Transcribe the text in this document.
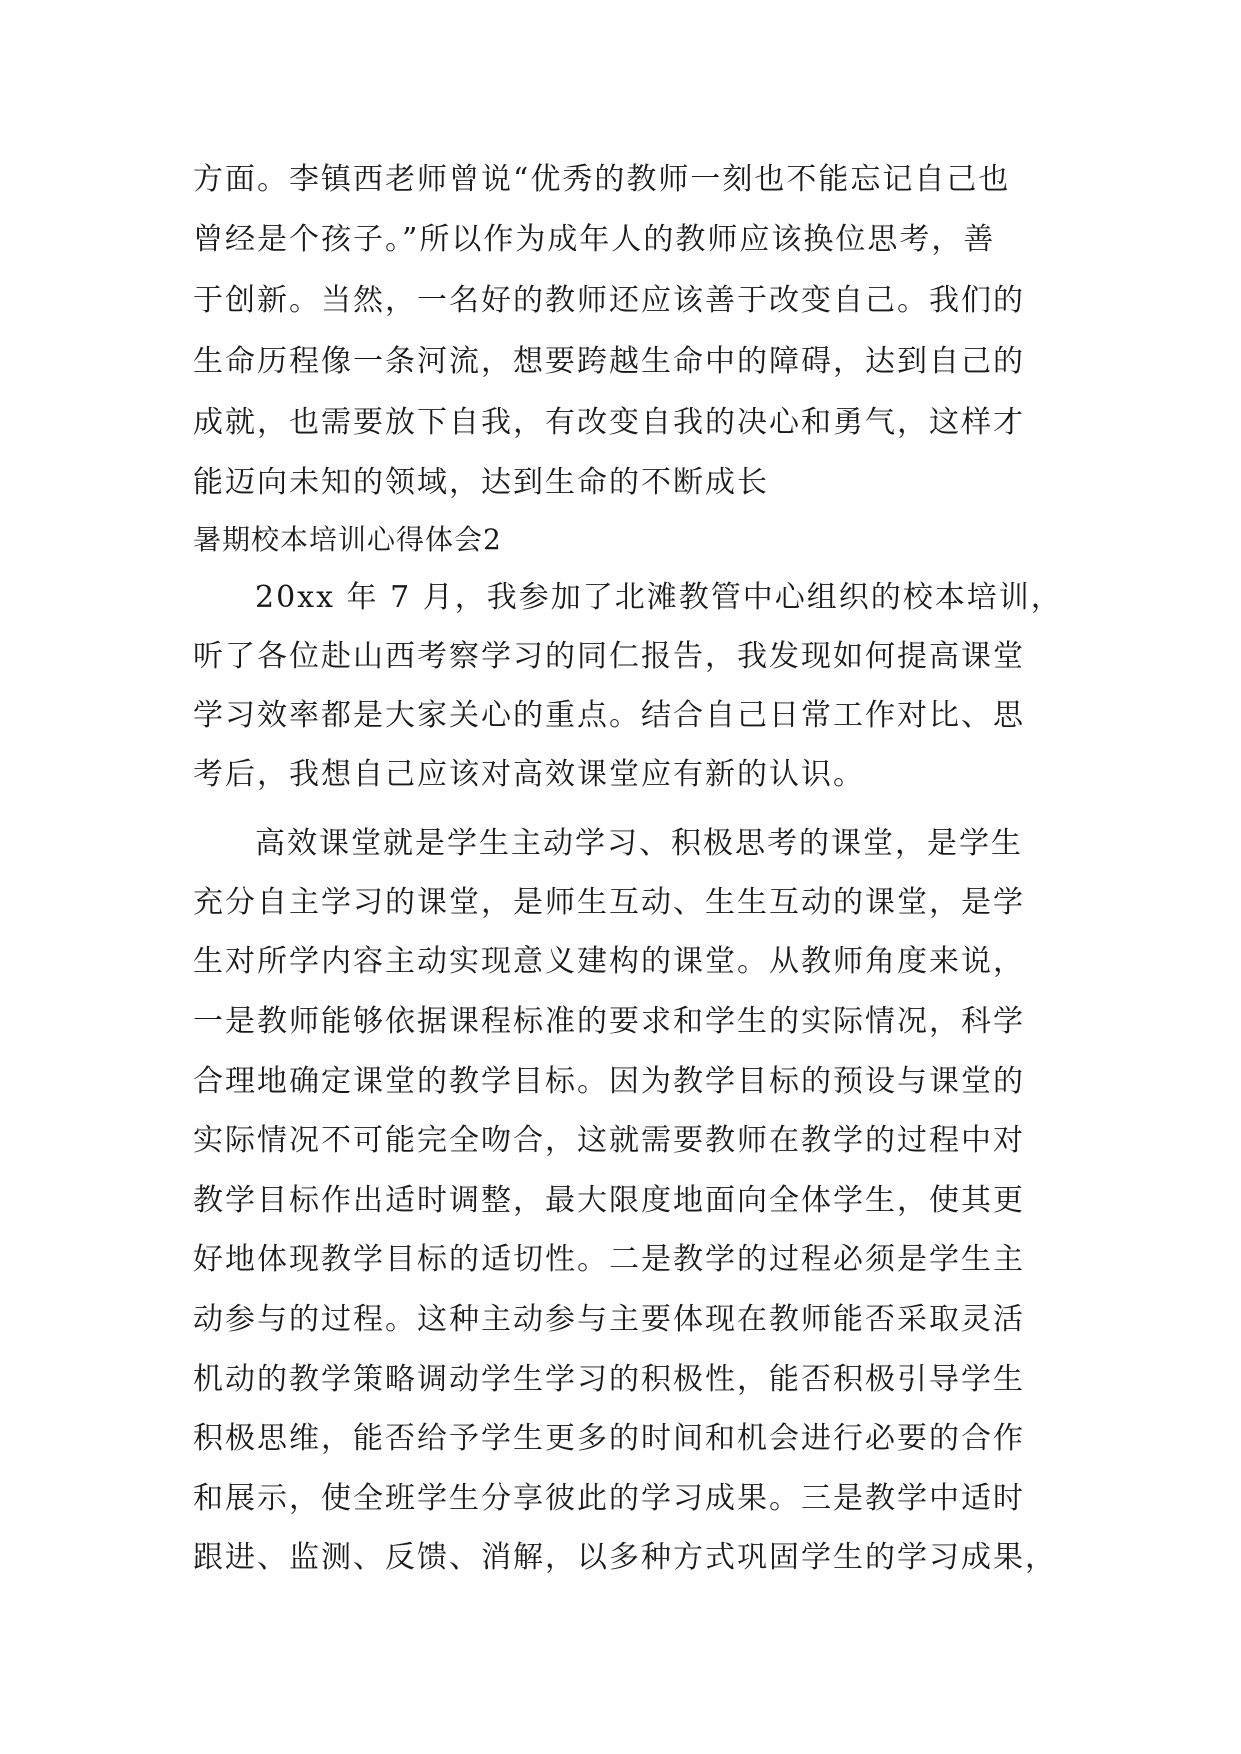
方面。李镇西老师曾说“优秀的教师一刻也不能忘记自己也
曾经是个孩子。”所以作为成年人的教师应该换位思考，善
于创新。当然，一名好的教师还应该善于改变自己。我们的
生命历程像一条河流，想要跨越生命中的障碍，达到自己的
成就，也需要放下自我，有改变自我的决心和勇气，这样才
能迈向未知的领域，达到生命的不断成长
暑期校本培训心得体会2
20xx 年 7 月，我参加了北滩教管中心组织的校本培训，
听了各位赴山西考察学习的同仁报告，我发现如何提高课堂
学习效率都是大家关心的重点。结合自己日常工作对比、思
考后，我想自己应该对高效课堂应有新的认识。
高效课堂就是学生主动学习、积极思考的课堂，是学生
充分自主学习的课堂，是师生互动、生生互动的课堂，是学
生对所学内容主动实现意义建构的课堂。从教师角度来说，
一是教师能够依据课程标准的要求和学生的实际情况，科学
合理地确定课堂的教学目标。因为教学目标的预设与课堂的
实际情况不可能完全吻合，这就需要教师在教学的过程中对
教学目标作出适时调整，最大限度地面向全体学生，使其更
好地体现教学目标的适切性。二是教学的过程必须是学生主
动参与的过程。这种主动参与主要体现在教师能否采取灵活
机动的教学策略调动学生学习的积极性，能否积极引导学生
积极思维，能否给予学生更多的时间和机会进行必要的合作
和展示，使全班学生分享彼此的学习成果。三是教学中适时
跟进、监测、反馈、消解，以多种方式巩固学生的学习成果，
